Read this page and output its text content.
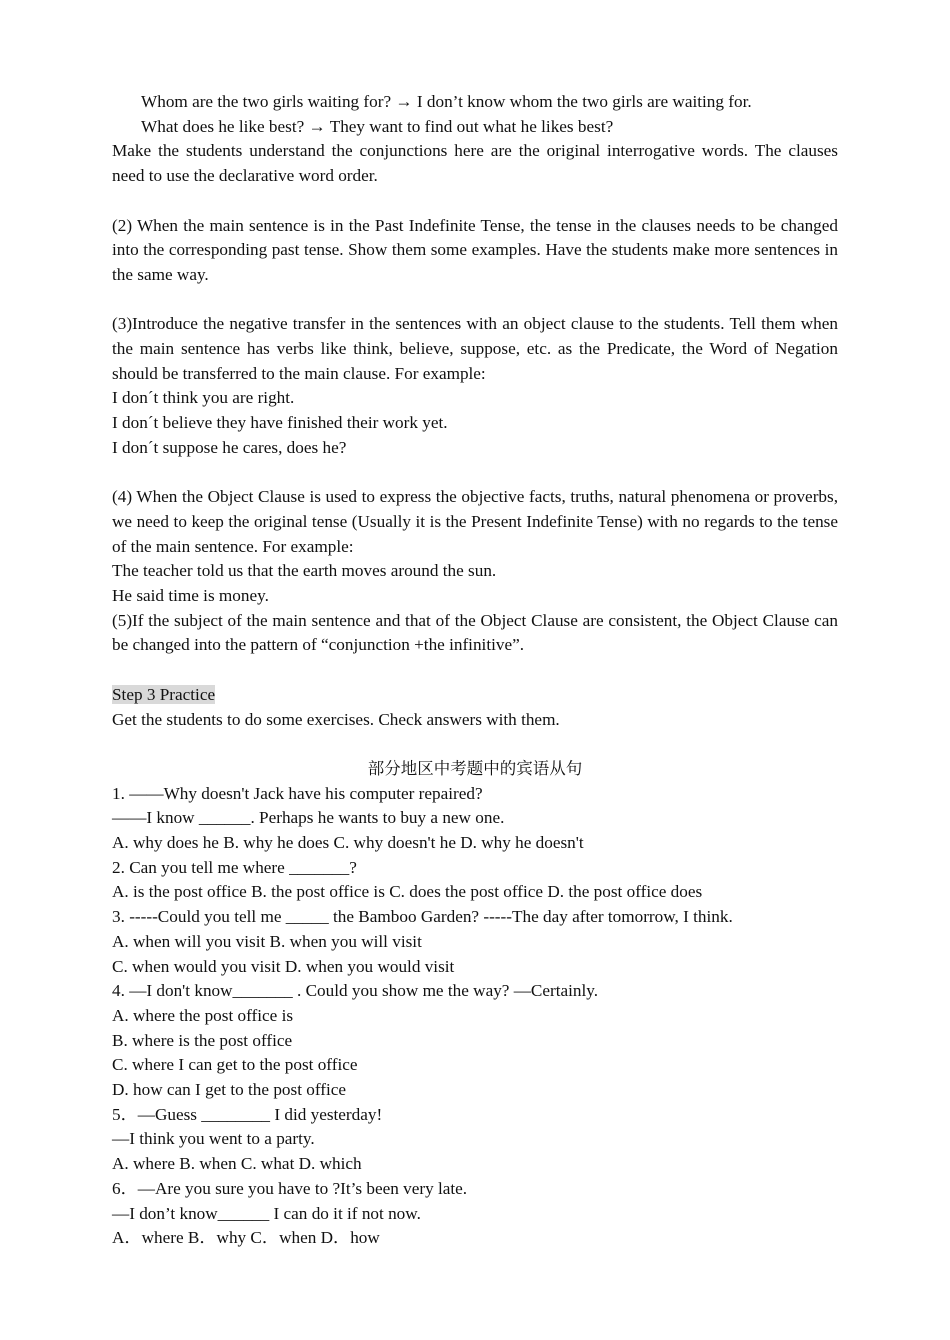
Whom are the two girls waiting for? → I don’t know whom the two girls are waiting for.

What does he like best? → They want to find out what he likes best?

Make the students understand the conjunctions here are the original interrogative words. The clauses need to use the declarative word order.

(2) When the main sentence is in the Past Indefinite Tense, the tense in the clauses needs to be changed into the corresponding past tense. Show them some examples. Have the students make more sentences in the same way.

(3)Introduce the negative transfer in the sentences with an object clause to the students. Tell them when the main sentence has verbs like think, believe, suppose, etc. as the Predicate, the Word of Negation should be transferred to the main clause. For example:

I don´t think you are right.

I don´t believe they have finished their work yet.

I don´t suppose he cares, does he?

(4) When the Object Clause is used to express the objective facts, truths, natural phenomena or proverbs, we need to keep the original tense (Usually it is the Present Indefinite Tense) with no regards to the tense of the main sentence. For example:

The teacher told us that the earth moves around the sun.

He said time is money.

(5)If the subject of the main sentence and that of the Object Clause are consistent, the Object Clause can be changed into the pattern of “conjunction +the infinitive”.

Step 3 Practice

Get the students to do some exercises. Check answers with them.

部分地区中考题中的宾语从句

1. ——Why doesn't Jack have his computer repaired?

——I know ______. Perhaps he wants to buy a new one.

A. why does he B. why he does C. why doesn't he D. why he doesn't

2. Can you tell me where _______?

A. is the post office B. the post office is C. does the post office D. the post office does

3. -----Could you tell me _____ the Bamboo Garden? -----The day after tomorrow, I think.

A. when will you visit B. when you will visit

C. when would you visit D. when you would visit

4. —I don't know_______ . Could you show me the way? —Certainly.

A. where the post office is

B. where is the post office

C. where I can get to the post office

D. how can I get to the post office

5．—Guess ________ I did yesterday!

—I think you went to a party.

A. where B. when C. what D. which

6．—Are you sure you have to ?It’s been very late.

—I don’t know______ I can do it if not now.

A．where B．why C．when D．how
